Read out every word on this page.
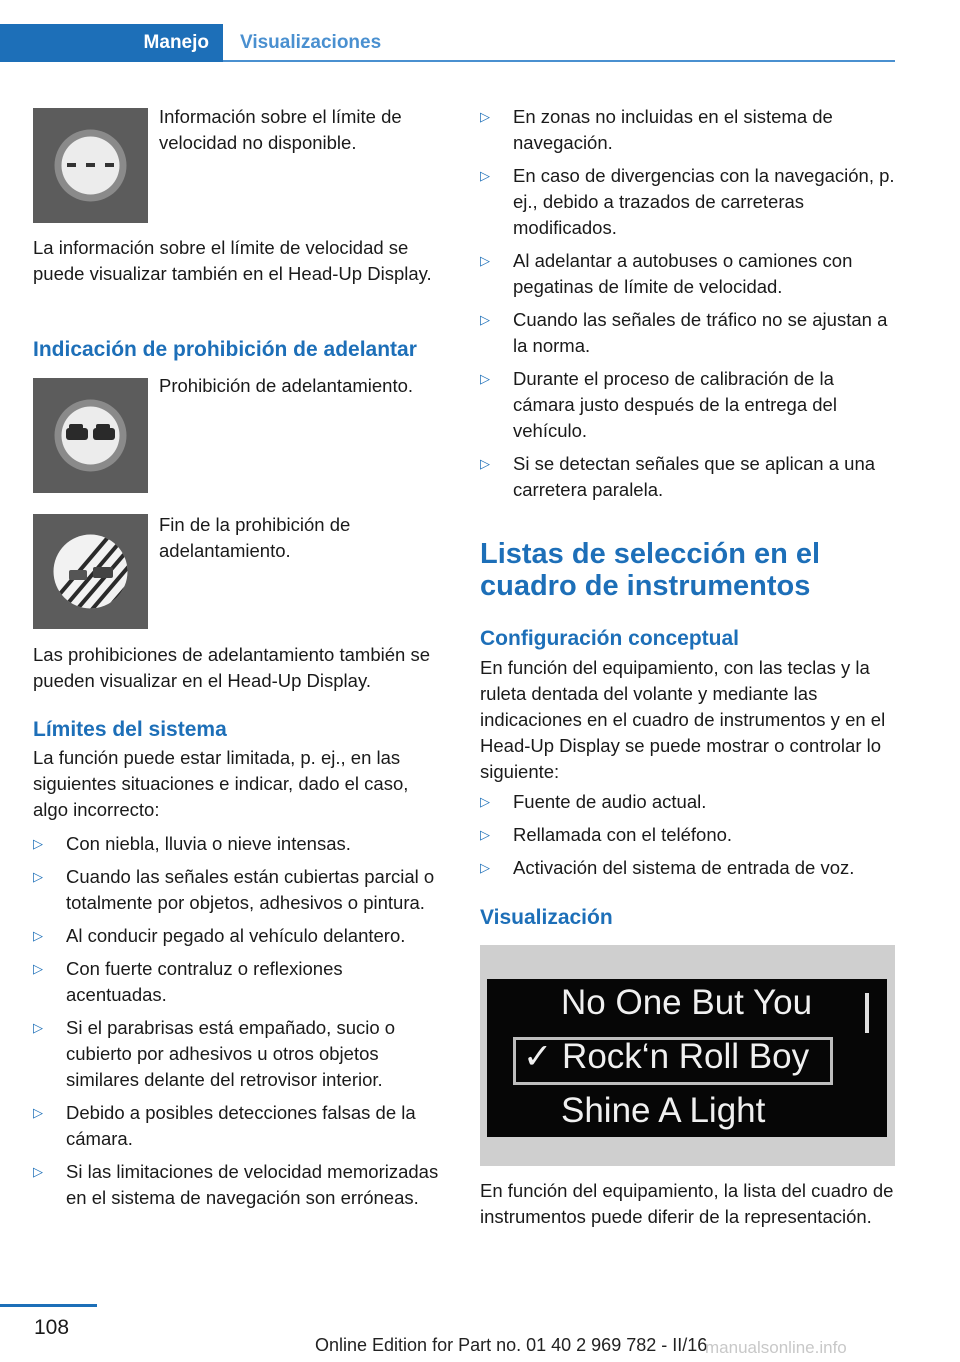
Manejo	Visualizaciones

Información sobre el límite de velocidad no disponible.

La información sobre el límite de velocidad se puede visualizar también en el Head-Up Display.

Indicación de prohibición de adelantar

Prohibición de adelantamiento.

Fin de la prohibición de adelantamiento.

Las prohibiciones de adelantamiento también se pueden visualizar en el Head-Up Display.

Límites del sistema

La función puede estar limitada, p. ej., en las siguientes situaciones e indicar, dado el caso, algo incorrecto:

▷ Con niebla, lluvia o nieve intensas.
▷ Cuando las señales están cubiertas parcial o totalmente por objetos, adhesivos o pintura.
▷ Al conducir pegado al vehículo delantero.
▷ Con fuerte contraluz o reflexiones acentuadas.
▷ Si el parabrisas está empañado, sucio o cubierto por adhesivos u otros objetos similares delante del retrovisor interior.
▷ Debido a posibles detecciones falsas de la cámara.
▷ Si las limitaciones de velocidad memorizadas en el sistema de navegación son erróneas.
▷ En zonas no incluidas en el sistema de navegación.
▷ En caso de divergencias con la navegación, p. ej., debido a trazados de carreteras modificados.
▷ Al adelantar a autobuses o camiones con pegatinas de límite de velocidad.
▷ Cuando las señales de tráfico no se ajustan a la norma.
▷ Durante el proceso de calibración de la cámara justo después de la entrega del vehículo.
▷ Si se detectan señales que se aplican a una carretera paralela.
Listas de selección en el cuadro de instrumentos
Configuración conceptual

En función del equipamiento, con las teclas y la ruleta dentada del volante y mediante las indicaciones en el cuadro de instrumentos y en el Head-Up Display se puede mostrar o controlar lo siguiente:

▷ Fuente de audio actual.
▷ Rellamada con el teléfono.
▷ Activación del sistema de entrada de voz.
Visualización
No One But You
✓ Rock‘n Roll Boy
Shine A Light

En función del equipamiento, la lista del cuadro de instrumentos puede diferir de la representación.

108
Online Edition for Part no. 01 40 2 969 782 - II/16
manualsonline.info
